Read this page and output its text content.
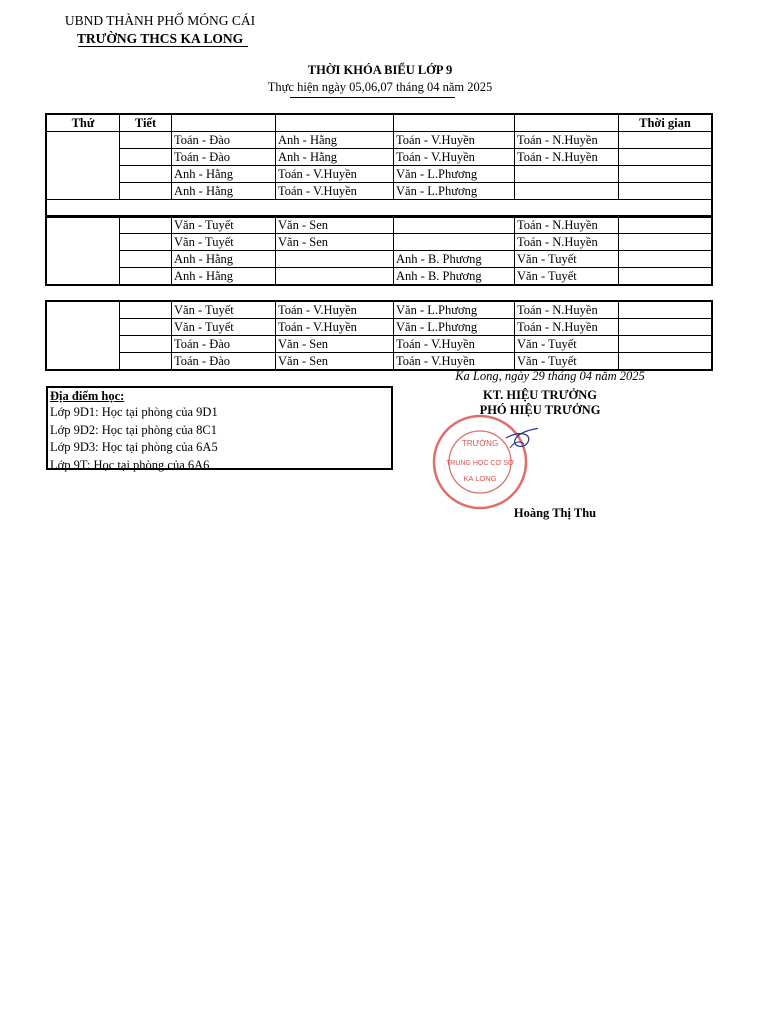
UBND THÀNH PHỐ MÓNG CÁI
TRƯỜNG THCS KA LONG
THỜI KHÓA BIỂU LỚP 9
Thực hiện ngày 05,06,07 tháng 04 năm 2025
Thứ	Tiết					Thời gian
		Toán - Đào	Anh - Hằng	Toán - V.Huyền	Toán - N.Huyền	
		Toán - Đào	Anh - Hằng	Toán - V.Huyền	Toán - N.Huyền	
		Anh - Hằng	Toán - V.Huyền	Văn - L.Phương		
		Anh - Hằng	Toán - V.Huyền	Văn - L.Phương		

		Văn - Tuyết	Văn - Sen		Toán - N.Huyền	
		Văn - Tuyết	Văn - Sen		Toán - N.Huyền	
		Anh - Hằng		Anh - B. Phương	Văn - Tuyết	
		Anh - Hằng		Anh - B. Phương	Văn - Tuyết	
		Văn - Tuyết	Toán - V.Huyền	Văn - L.Phương	Toán - N.Huyền	
		Văn - Tuyết	Toán - V.Huyền	Văn - L.Phương	Toán - N.Huyền	
		Toán - Đào	Văn - Sen	Toán - V.Huyền	Văn - Tuyết	
		Toán - Đào	Văn - Sen	Toán - V.Huyền	Văn - Tuyết	
Ka Long, ngày 29 tháng 04 năm 2025
Địa điểm học:
Lớp 9D1: Học tại phòng của 9D1
Lớp 9D2: Học tại phòng của 8C1
Lớp 9D3: Học tại phòng của 6A5
Lớp 9T: Học tại phòng của 6A6
KT. HIỆU TRƯỞNG
PHÓ HIỆU TRƯỞNG
TRƯỜNG
TRUNG HỌC CƠ SỞ
KA LONG
Hoàng Thị Thu
